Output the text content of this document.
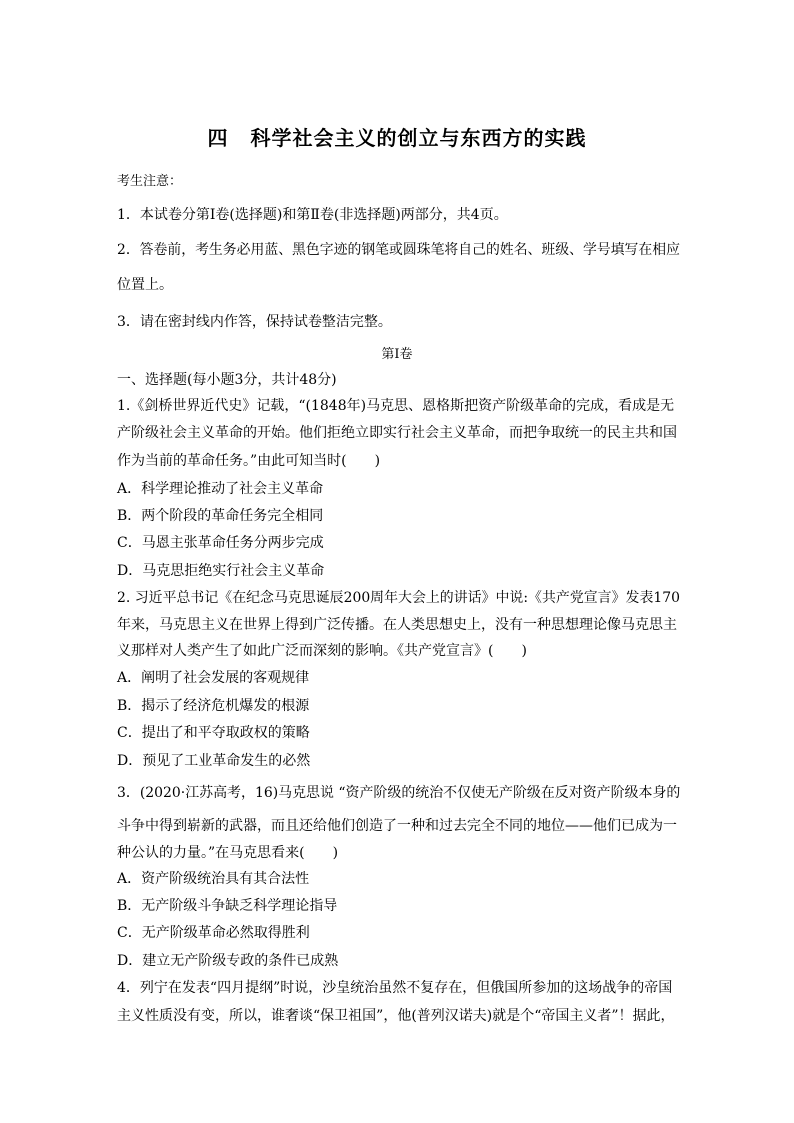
四 科学社会主义的创立与东西方的实践
考生注意：
1．本试卷分第Ⅰ卷(选择题)和第Ⅱ卷(非选择题)两部分，共4页。
2．答卷前，考生务必用蓝、黑色字迹的钢笔或圆珠笔将自己的姓名、班级、学号填写在相应
位置上。
3．请在密封线内作答，保持试卷整洁完整。
第Ⅰ卷
一、选择题(每小题3分，共计48分)
1.《剑桥世界近代史》记载，“(1848年)马克思、恩格斯把资产阶级革命的完成，看成是无
产阶级社会主义革命的开始。他们拒绝立即实行社会主义革命，而把争取统一的民主共和国
作为当前的革命任务。”由此可知当时(　　)
A．科学理论推动了社会主义革命
B．两个阶段的革命任务完全相同
C．马恩主张革命任务分两步完成
D．马克思拒绝实行社会主义革命
2. 习近平总书记《在纪念马克思诞辰200周年大会上的讲话》中说:《共产党宣言》发表170
年来，马克思主义在世界上得到广泛传播。在人类思想史上，没有一种思想理论像马克思主
义那样对人类产生了如此广泛而深刻的影响。《共产党宣言》(　　)
A．阐明了社会发展的客观规律
B．揭示了经济危机爆发的根源
C．提出了和平夺取政权的策略
D．预见了工业革命发生的必然
3．(2020·江苏高考，16)马克思说 “资产阶级的统治不仅使无产阶级在反对资产阶级本身的
斗争中得到崭新的武器，而且还给他们创造了一种和过去完全不同的地位——他们已成为一
种公认的力量。”在马克思看来(　　)
A．资产阶级统治具有其合法性
B．无产阶级斗争缺乏科学理论指导
C．无产阶级革命必然取得胜利
D．建立无产阶级专政的条件已成熟
4．列宁在发表“四月提纲”时说，沙皇统治虽然不复存在，但俄国所参加的这场战争的帝国
主义性质没有变，所以，谁奢谈“保卫祖国”，他(普列汉诺夫)就是个“帝国主义者”！据此，
